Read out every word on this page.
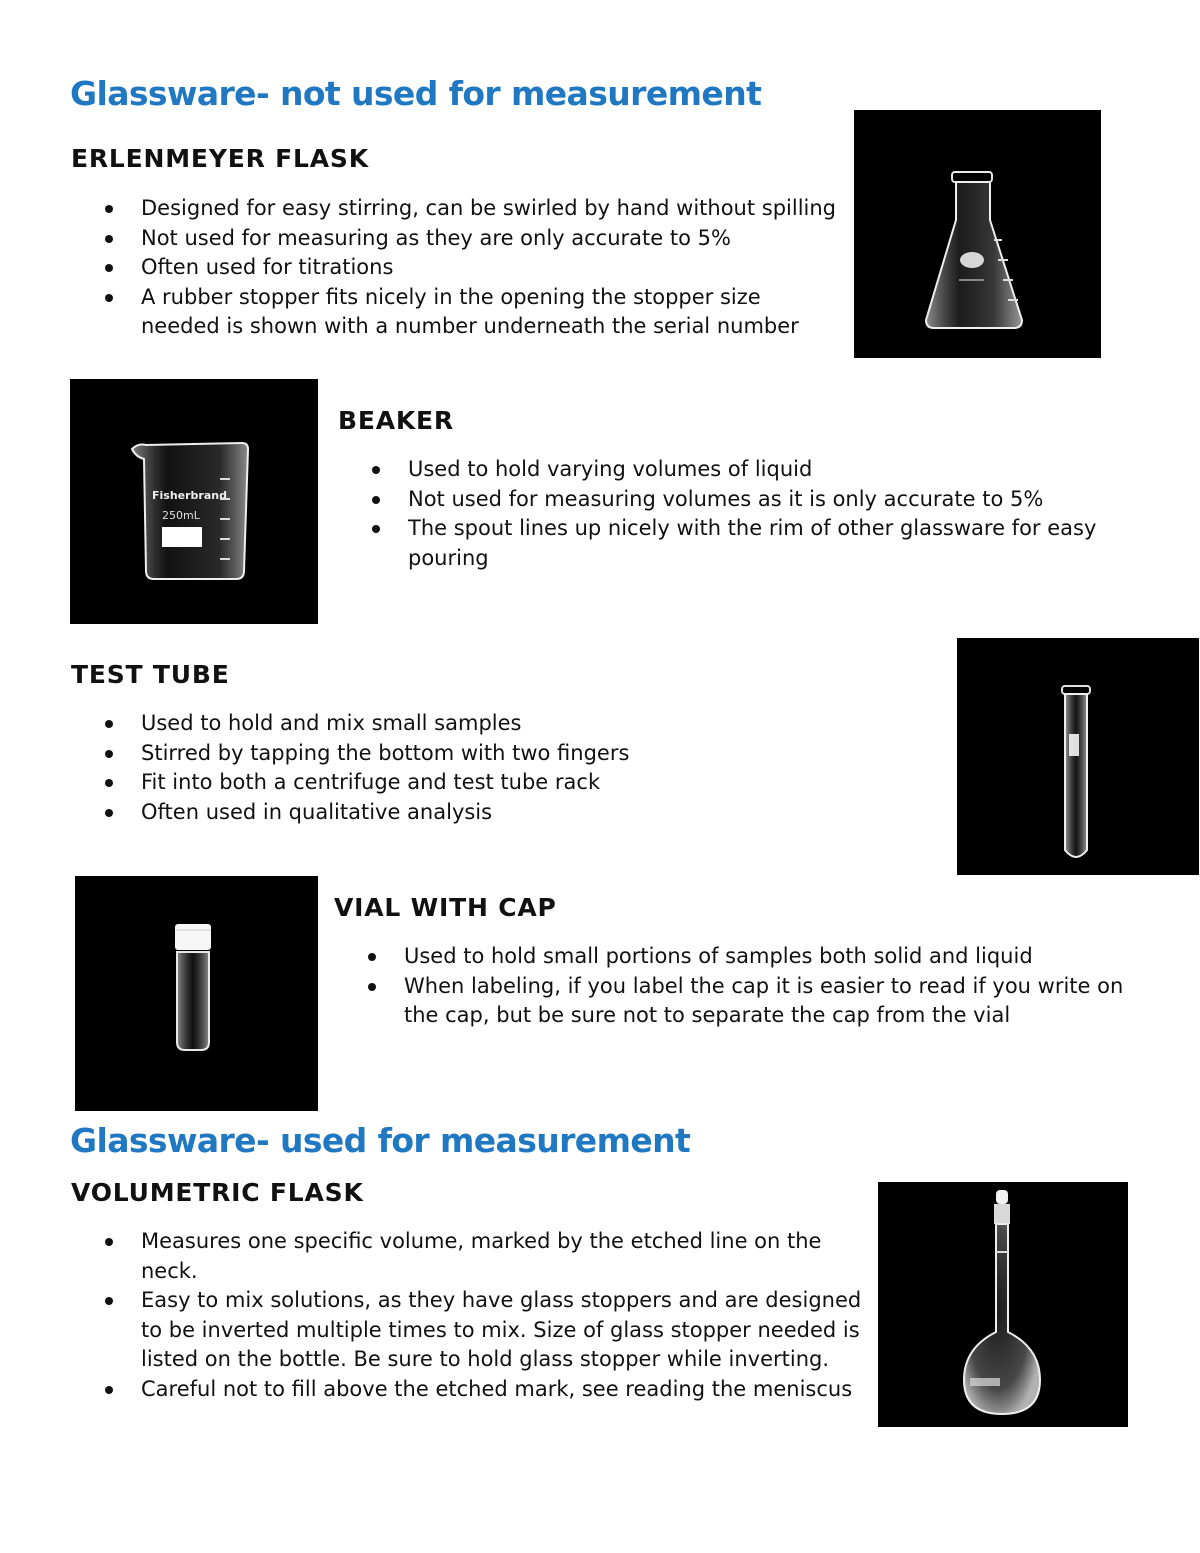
Glassware- not used for measurement
ERLENMEYER FLASK
Designed for easy stirring, can be swirled by hand without spilling
Not used for measuring as they are only accurate to 5%
Often used for titrations
A rubber stopper fits nicely in the opening the stopper size needed is shown with a number underneath the serial number
Fisherbrand
250mL
BEAKER
Used to hold varying volumes of liquid
Not used for measuring volumes as it is only accurate to 5%
The spout lines up nicely with the rim of other glassware for easy pouring
TEST TUBE
Used to hold and mix small samples
Stirred by tapping the bottom with two fingers
Fit into both a centrifuge and test tube rack
Often used in qualitative analysis
VIAL WITH CAP
Used to hold small portions of samples both solid and liquid
When labeling, if you label the cap it is easier to read if you write on the cap, but be sure not to separate the cap from the vial
Glassware- used for measurement
VOLUMETRIC FLASK
Measures one specific volume, marked by the etched line on the neck.
Easy to mix solutions, as they have glass stoppers and are designed to be inverted multiple times to mix. Size of glass stopper needed is listed on the bottle. Be sure to hold glass stopper while inverting.
Careful not to fill above the etched mark, see reading the meniscus
